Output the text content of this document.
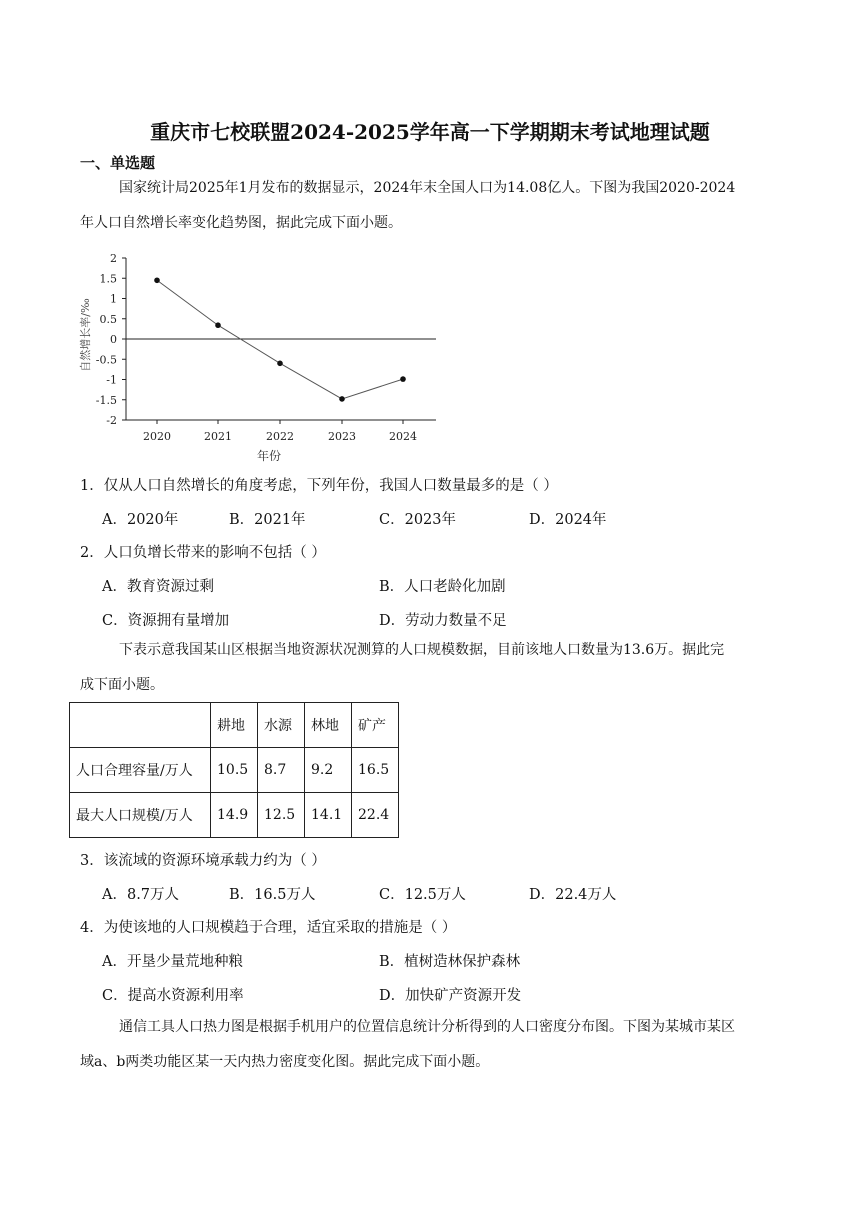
重庆市七校联盟2024-2025学年高一下学期期末考试地理试题
一、单选题
国家统计局2025年1月发布的数据显示，2024年末全国人口为14.08亿人。下图为我国2020-2024
年人口自然增长率变化趋势图，据此完成下面小题。
2
1.5
1
0.5
0
-0.5
-1
-1.5
-2
2020	2021	2022	2023	2024
年份
自然增长率/‰
1．仅从人口自然增长的角度考虑，下列年份，我国人口数量最多的是（ ）
A．2020年	B．2021年	C．2023年	D．2024年
2．人口负增长带来的影响不包括（ ）
A．教育资源过剩	B．人口老龄化加剧
C．资源拥有量增加	D．劳动力数量不足
下表示意我国某山区根据当地资源状况测算的人口规模数据，目前该地人口数量为13.6万。据此完
成下面小题。
	耕地	水源	林地	矿产
人口合理容量/万人	10.5	8.7	9.2	16.5
最大人口规模/万人	14.9	12.5	14.1	22.4
3．该流域的资源环境承载力约为（ ）
A．8.7万人	B．16.5万人	C．12.5万人	D．22.4万人
4．为使该地的人口规模趋于合理，适宜采取的措施是（ ）
A．开垦少量荒地种粮	B．植树造林保护森林
C．提高水资源利用率	D．加快矿产资源开发
通信工具人口热力图是根据手机用户的位置信息统计分析得到的人口密度分布图。下图为某城市某区
域a、b两类功能区某一天内热力密度变化图。据此完成下面小题。
